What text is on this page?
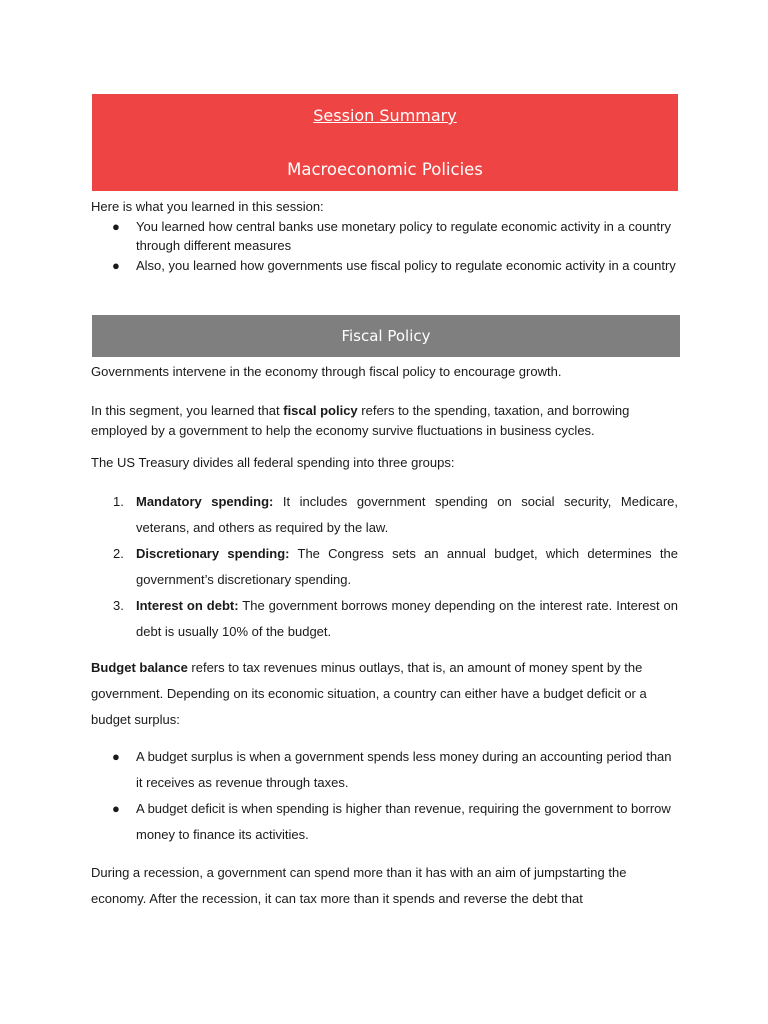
Session Summary
Macroeconomic Policies
Here is what you learned in this session:
● You learned how central banks use monetary policy to regulate economic activity in a country through different measures
● Also, you learned how governments use fiscal policy to regulate economic activity in a country
Fiscal Policy
Governments intervene in the economy through fiscal policy to encourage growth.
In this segment, you learned that fiscal policy refers to the spending, taxation, and borrowing employed by a government to help the economy survive fluctuations in business cycles.
The US Treasury divides all federal spending into three groups:
1. Mandatory spending: It includes government spending on social security, Medicare, veterans, and others as required by the law.
2. Discretionary spending: The Congress sets an annual budget, which determines the government’s discretionary spending.
3. Interest on debt: The government borrows money depending on the interest rate. Interest on debt is usually 10% of the budget.
Budget balance refers to tax revenues minus outlays, that is, an amount of money spent by the government. Depending on its economic situation, a country can either have a budget deficit or a budget surplus:
● A budget surplus is when a government spends less money during an accounting period than it receives as revenue through taxes.
● A budget deficit is when spending is higher than revenue, requiring the government to borrow money to finance its activities.
During a recession, a government can spend more than it has with an aim of jumpstarting the economy. After the recession, it can tax more than it spends and reverse the debt that
